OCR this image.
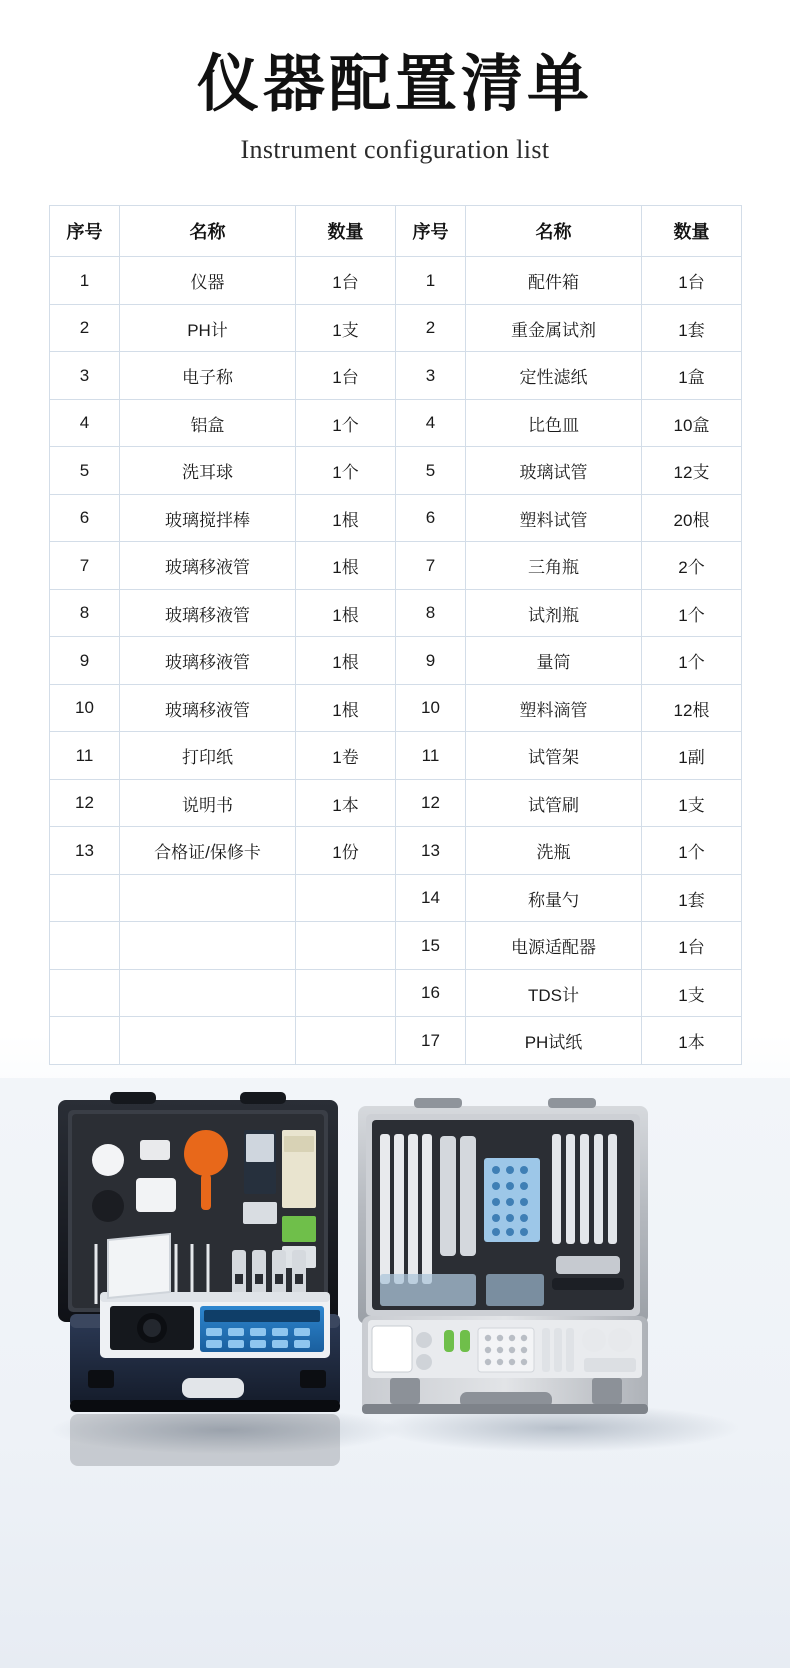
仪器配置清单
Instrument configuration list
序号	名称	数量	序号	名称	数量
1	仪器	1台	1	配件箱	1台
2	PH计	1支	2	重金属试剂	1套
3	电子称	1台	3	定性滤纸	1盒
4	铝盒	1个	4	比色皿	10盒
5	洗耳球	1个	5	玻璃试管	12支
6	玻璃搅拌棒	1根	6	塑料试管	20根
7	玻璃移液管	1根	7	三角瓶	2个
8	玻璃移液管	1根	8	试剂瓶	1个
9	玻璃移液管	1根	9	量筒	1个
10	玻璃移液管	1根	10	塑料滴管	12根
11	打印纸	1卷	11	试管架	1副
12	说明书	1本	12	试管刷	1支
13	合格证/保修卡	1份	13	洗瓶	1个
			14	称量勺	1套
			15	电源适配器	1台
			16	TDS计	1支
			17	PH试纸	1本
